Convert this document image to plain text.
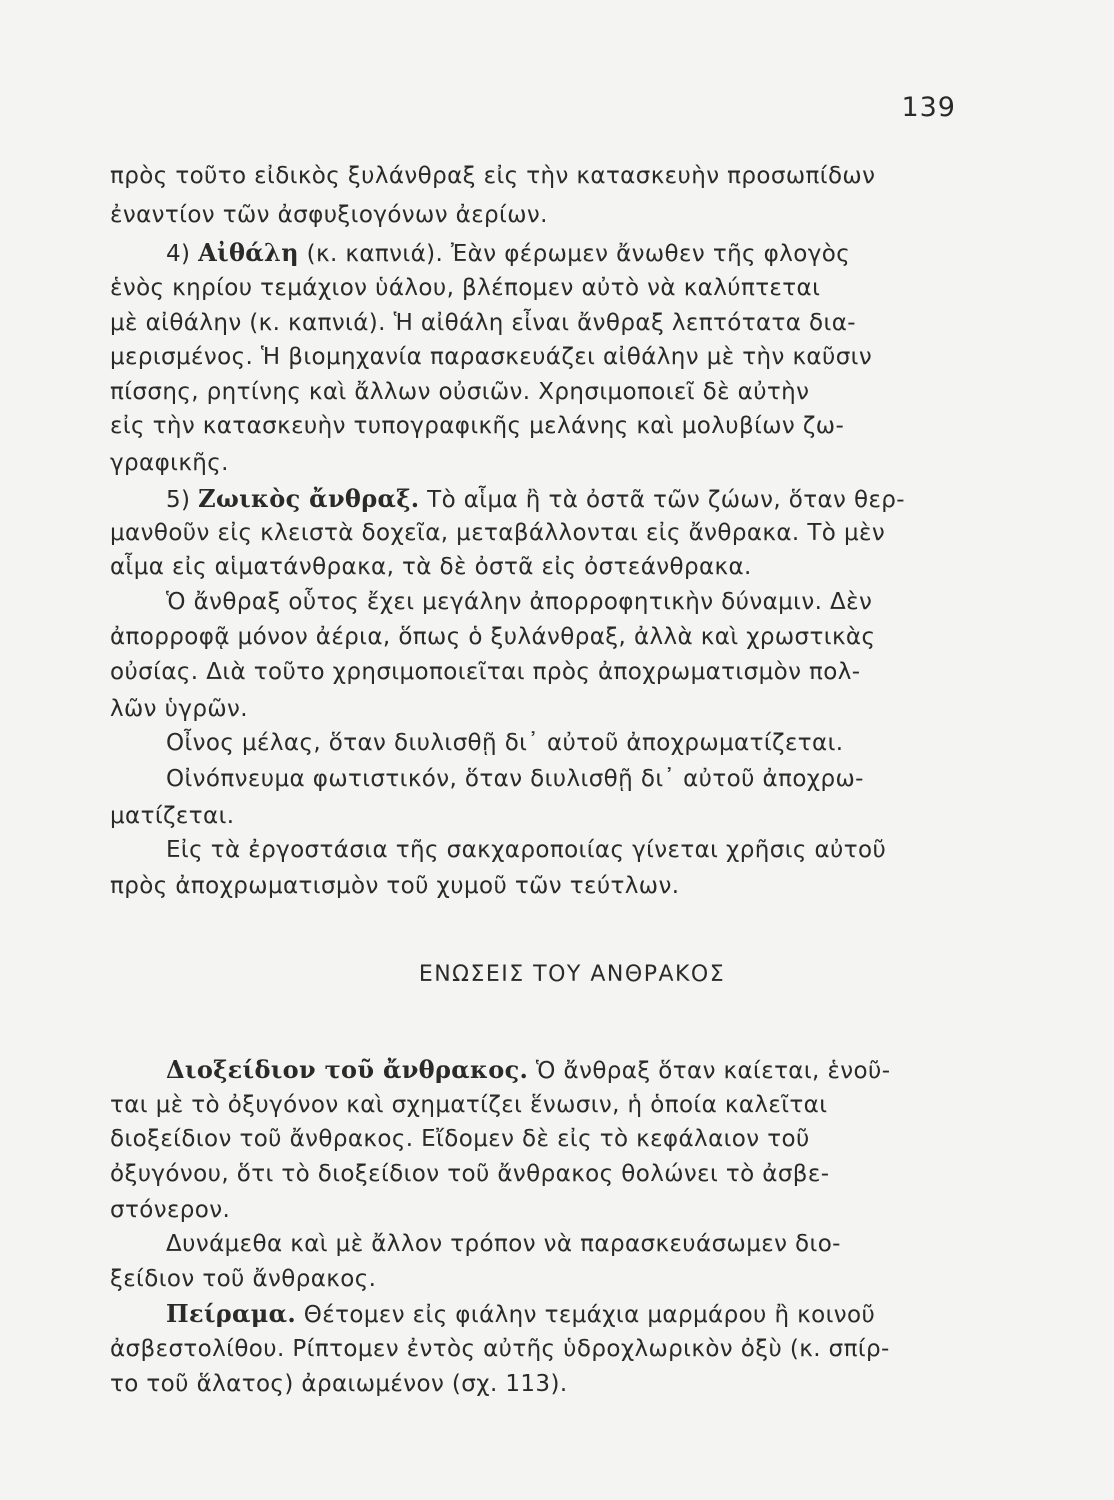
139
πρὸς τοῦτο εἰδικὸς ξυλάνθραξ εἰς τὴν κατασκευὴν προσωπίδων
ἐναντίον τῶν ἀσφυξιογόνων ἀερίων.
4) Αἰθάλη (κ. καπνιά). Ἐὰν φέρωμεν ἄνωθεν τῆς φλογὸς
ἑνὸς κηρίου τεμάχιον ὑάλου, βλέπομεν αὐτὸ νὰ καλύπτεται
μὲ αἰθάλην (κ. καπνιά). Ἡ αἰθάλη εἶναι ἄνθραξ λεπτότατα δια-
μερισμένος. Ἡ βιομηχανία παρασκευάζει αἰθάλην μὲ τὴν καῦσιν
πίσσης, ρητίνης καὶ ἄλλων οὐσιῶν. Χρησιμοποιεῖ δὲ αὐτὴν
εἰς τὴν κατασκευὴν τυπογραφικῆς μελάνης καὶ μολυβίων ζω-
γραφικῆς.
5) Ζωικὸς ἄνθραξ. Τὸ αἷμα ἢ τὰ ὀστᾶ τῶν ζώων, ὅταν θερ-
μανθοῦν εἰς κλειστὰ δοχεῖα, μεταβάλλονται εἰς ἄνθρακα. Τὸ μὲν
αἷμα εἰς αἱματάνθρακα, τὰ δὲ ὀστᾶ εἰς ὀστεάνθρακα.
Ὁ ἄνθραξ οὗτος ἔχει μεγάλην ἀπορροφητικὴν δύναμιν. Δὲν
ἀπορροφᾷ μόνον ἀέρια, ὅπως ὁ ξυλάνθραξ, ἀλλὰ καὶ χρωστικὰς
οὐσίας. Διὰ τοῦτο χρησιμοποιεῖται πρὸς ἀποχρωματισμὸν πολ-
λῶν ὑγρῶν.
Οἶνος μέλας, ὅταν διυλισθῇ δι᾽ αὐτοῦ ἀποχρωματίζεται.
Οἰνόπνευμα φωτιστικόν, ὅταν διυλισθῇ δι᾽ αὐτοῦ ἀποχρω-
ματίζεται.
Εἰς τὰ ἐργοστάσια τῆς σακχαροποιίας γίνεται χρῆσις αὐτοῦ
πρὸς ἀποχρωματισμὸν τοῦ χυμοῦ τῶν τεύτλων.
ΕΝΩΣΕΙΣ ΤΟΥ ΑΝΘΡΑΚΟΣ
Διοξείδιον τοῦ ἄνθρακος. Ὁ ἄνθραξ ὅταν καίεται, ἑνοῦ-
ται μὲ τὸ ὀξυγόνον καὶ σχηματίζει ἕνωσιν, ἡ ὁποία καλεῖται
διοξείδιον τοῦ ἄνθρακος. Εἴδομεν δὲ εἰς τὸ κεφάλαιον τοῦ
ὀξυγόνου, ὅτι τὸ διοξείδιον τοῦ ἄνθρακος θολώνει τὸ ἀσβε-
στόνερον.
Δυνάμεθα καὶ μὲ ἄλλον τρόπον νὰ παρασκευάσωμεν διο-
ξείδιον τοῦ ἄνθρακος.
Πείραμα. Θέτομεν εἰς φιάλην τεμάχια μαρμάρου ἢ κοινοῦ
ἀσβεστολίθου. Ρίπτομεν ἐντὸς αὐτῆς ὑδροχλωρικὸν ὀξὺ (κ. σπίρ-
το τοῦ ἅλατος) ἀραιωμένον (σχ. 113).
